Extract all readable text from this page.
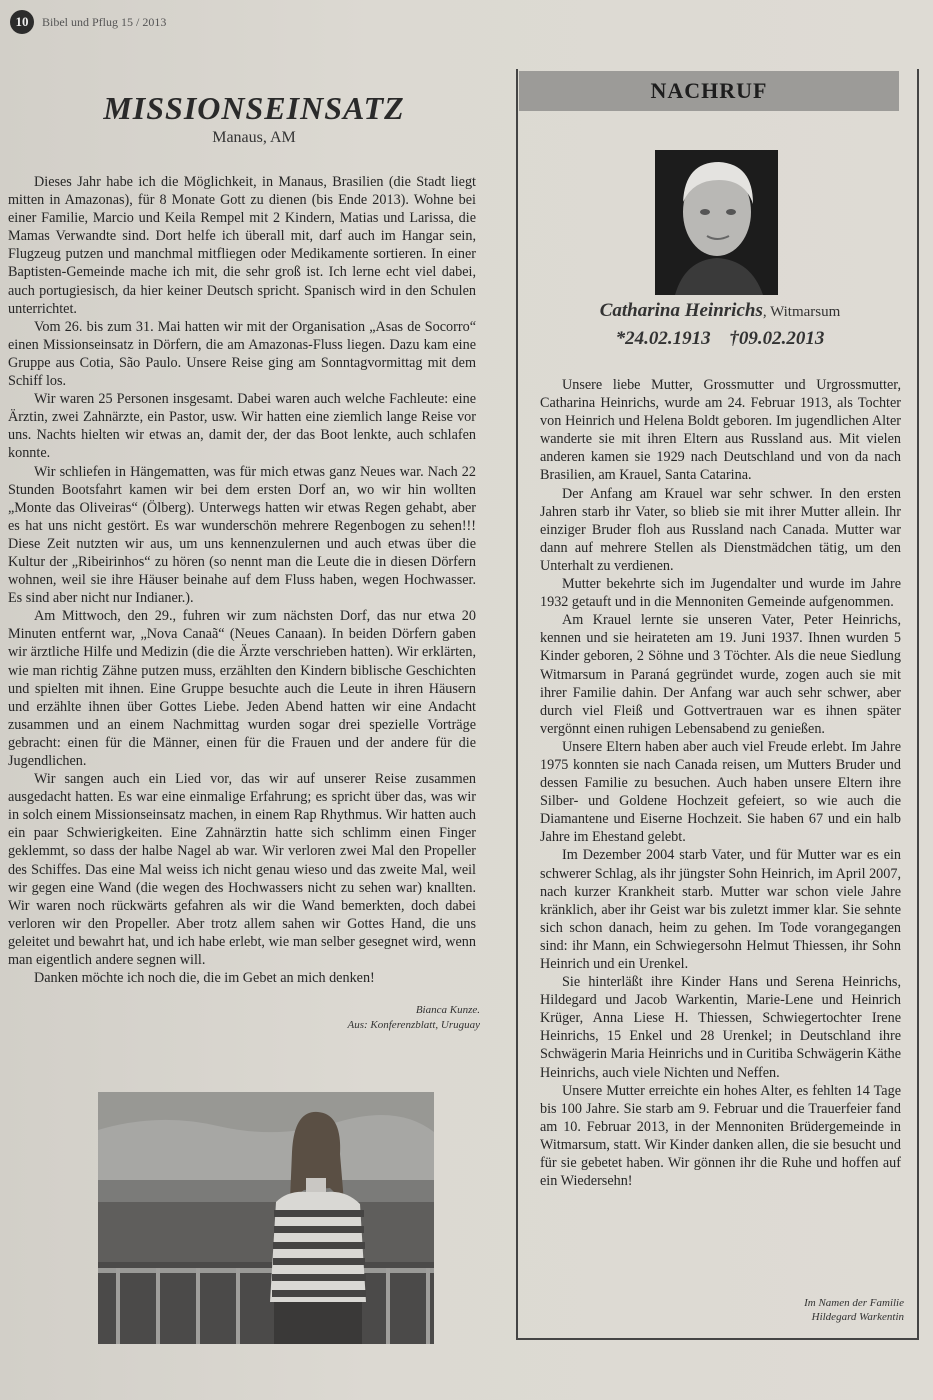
10	Bibel und Pflug 15 / 2013
MISSIONSEINSATZ
Manaus, AM

Dieses Jahr habe ich die Möglichkeit, in Manaus, Brasilien (die Stadt liegt mitten in Amazonas), für 8 Monate Gott zu dienen (bis Ende 2013). Wohne bei einer Familie, Marcio und Keila Rempel mit 2 Kindern, Matias und Larissa, die Mamas Verwandte sind. Dort helfe ich überall mit, darf auch im Hangar sein, Flugzeug putzen und manchmal mitfliegen oder Medikamente sortieren. In einer Baptisten-Gemeinde mache ich mit, die sehr groß ist. Ich lerne echt viel dabei, auch portugiesisch, da hier keiner Deutsch spricht. Spanisch wird in den Schulen unterrichtet.

Vom 26. bis zum 31. Mai hatten wir mit der Organisation „Asas de Socorro“ einen Missionseinsatz in Dörfern, die am Amazonas-Fluss liegen. Dazu kam eine Gruppe aus Cotia, São Paulo. Unsere Reise ging am Sonntagvormittag mit dem Schiff los.

Wir waren 25 Personen insgesamt. Dabei waren auch welche Fachleute: eine Ärztin, zwei Zahnärzte, ein Pastor, usw. Wir hatten eine ziemlich lange Reise vor uns. Nachts hielten wir etwas an, damit der, der das Boot lenkte, auch schlafen konnte.

Wir schliefen in Hängematten, was für mich etwas ganz Neues war. Nach 22 Stunden Bootsfahrt kamen wir bei dem ersten Dorf an, wo wir hin wollten „Monte das Oliveiras“ (Ölberg). Unterwegs hatten wir etwas Regen gehabt, aber es hat uns nicht gestört. Es war wunderschön mehrere Regenbogen zu sehen!!! Diese Zeit nutzten wir aus, um uns kennenzulernen und auch etwas über die Kultur der „Ribeirinhos“ zu hören (so nennt man die Leute die in diesen Dörfern wohnen, weil sie ihre Häuser beinahe auf dem Fluss haben, wegen Hochwasser. Es sind aber nicht nur Indianer.).

Am Mittwoch, den 29., fuhren wir zum nächsten Dorf, das nur etwa 20 Minuten entfernt war, „Nova Canaã“ (Neues Canaan). In beiden Dörfern gaben wir ärztliche Hilfe und Medizin (die die Ärzte verschrieben hatten). Wir erklärten, wie man richtig Zähne putzen muss, erzählten den Kindern biblische Geschichten und spielten mit ihnen. Eine Gruppe besuchte auch die Leute in ihren Häusern und erzählte ihnen über Gottes Liebe. Jeden Abend hatten wir eine Andacht zusammen und an einem Nachmittag wurden sogar drei spezielle Vorträge gebracht: einen für die Männer, einen für die Frauen und der andere für die Jugendlichen.

Wir sangen auch ein Lied vor, das wir auf unserer Reise zusammen ausgedacht hatten. Es war eine einmalige Erfahrung; es spricht über das, was wir in solch einem Missionseinsatz machen, in einem Rap Rhythmus. Wir hatten auch ein paar Schwierigkeiten. Eine Zahnärztin hatte sich schlimm einen Finger geklemmt, so dass der halbe Nagel ab war. Wir verloren zwei Mal den Propeller des Schiffes. Das eine Mal weiss ich nicht genau wieso und das zweite Mal, weil wir gegen eine Wand (die wegen des Hochwassers nicht zu sehen war) knallten. Wir waren noch rückwärts gefahren als wir die Wand bemerkten, doch dabei verloren wir den Propeller. Aber trotz allem sahen wir Gottes Hand, die uns geleitet und bewahrt hat, und ich habe erlebt, wie man selber gesegnet wird, wenn man eigentlich andere segnen will.

Danken möchte ich noch die, die im Gebet an mich denken!

Bianca Kunze.
Aus: Konferenzblatt, Uruguay
NACHRUF
Catharina Heinrichs, Witmarsum
*24.02.1913 †09.02.2013

Unsere liebe Mutter, Grossmutter und Urgrossmutter, Catharina Heinrichs, wurde am 24. Februar 1913, als Tochter von Heinrich und Helena Boldt geboren. Im jugendlichen Alter wanderte sie mit ihren Eltern aus Russland aus. Mit vielen anderen kamen sie 1929 nach Deutschland und von da nach Brasilien, am Krauel, Santa Catarina.

Der Anfang am Krauel war sehr schwer. In den ersten Jahren starb ihr Vater, so blieb sie mit ihrer Mutter allein. Ihr einziger Bruder floh aus Russland nach Canada. Mutter war dann auf mehrere Stellen als Dienstmädchen tätig, um den Unterhalt zu verdienen.

Mutter bekehrte sich im Jugendalter und wurde im Jahre 1932 getauft und in die Mennoniten Gemeinde aufgenommen.

Am Krauel lernte sie unseren Vater, Peter Heinrichs, kennen und sie heirateten am 19. Juni 1937. Ihnen wurden 5 Kinder geboren, 2 Söhne und 3 Töchter. Als die neue Siedlung Witmarsum in Paraná gegründet wurde, zogen auch sie mit ihrer Familie dahin. Der Anfang war auch sehr schwer, aber durch viel Fleiß und Gottvertrauen war es ihnen später vergönnt einen ruhigen Lebensabend zu genießen.

Unsere Eltern haben aber auch viel Freude erlebt. Im Jahre 1975 konnten sie nach Canada reisen, um Mutters Bruder und dessen Familie zu besuchen. Auch haben unsere Eltern ihre Silber- und Goldene Hochzeit gefeiert, so wie auch die Diamantene und Eiserne Hochzeit. Sie haben 67 und ein halb Jahre im Ehestand gelebt.

Im Dezember 2004 starb Vater, und für Mutter war es ein schwerer Schlag, als ihr jüngster Sohn Heinrich, im April 2007, nach kurzer Krankheit starb. Mutter war schon viele Jahre kränklich, aber ihr Geist war bis zuletzt immer klar. Sie sehnte sich schon danach, heim zu gehen. Im Tode vorangegangen sind: ihr Mann, ein Schwiegersohn Helmut Thiessen, ihr Sohn Heinrich und ein Urenkel.

Sie hinterläßt ihre Kinder Hans und Serena Heinrichs, Hildegard und Jacob Warkentin, Marie-Lene und Heinrich Krüger, Anna Liese H. Thiessen, Schwiegertochter Irene Heinrichs, 15 Enkel und 28 Urenkel; in Deutschland ihre Schwägerin Maria Heinrichs und in Curitiba Schwägerin Käthe Heinrichs, auch viele Nichten und Neffen.

Unsere Mutter erreichte ein hohes Alter, es fehlten 14 Tage bis 100 Jahre. Sie starb am 9. Februar und die Trauerfeier fand am 10. Februar 2013, in der Mennoniten Brüdergemeinde in Witmarsum, statt. Wir Kinder danken allen, die sie besucht und für sie gebetet haben. Wir gönnen ihr die Ruhe und hoffen auf ein Wiedersehn!

Im Namen der Familie
Hildegard Warkentin
